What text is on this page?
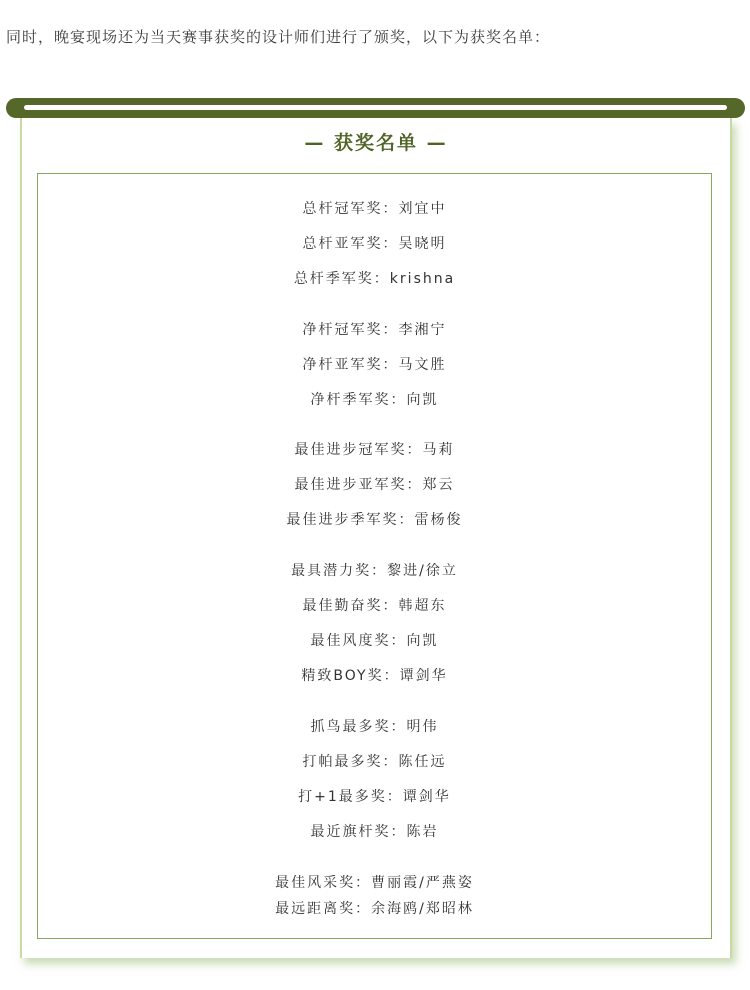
同时，晚宴现场还为当天赛事获奖的设计师们进行了颁奖，以下为获奖名单：
— 获奖名单 —
总杆冠军奖：刘宜中
总杆亚军奖：吴晓明
总杆季军奖：krishna
净杆冠军奖：李湘宁
净杆亚军奖：马文胜
净杆季军奖：向凯
最佳进步冠军奖：马莉
最佳进步亚军奖：郑云
最佳进步季军奖：雷杨俊
最具潜力奖：黎进/徐立
最佳勤奋奖：韩超东
最佳风度奖：向凯
精致BOY奖：谭剑华
抓鸟最多奖：明伟
打帕最多奖：陈任远
打+1最多奖：谭剑华
最近旗杆奖：陈岩
最佳风采奖：曹丽霞/严燕姿
最远距离奖：余海鸥/郑昭林
